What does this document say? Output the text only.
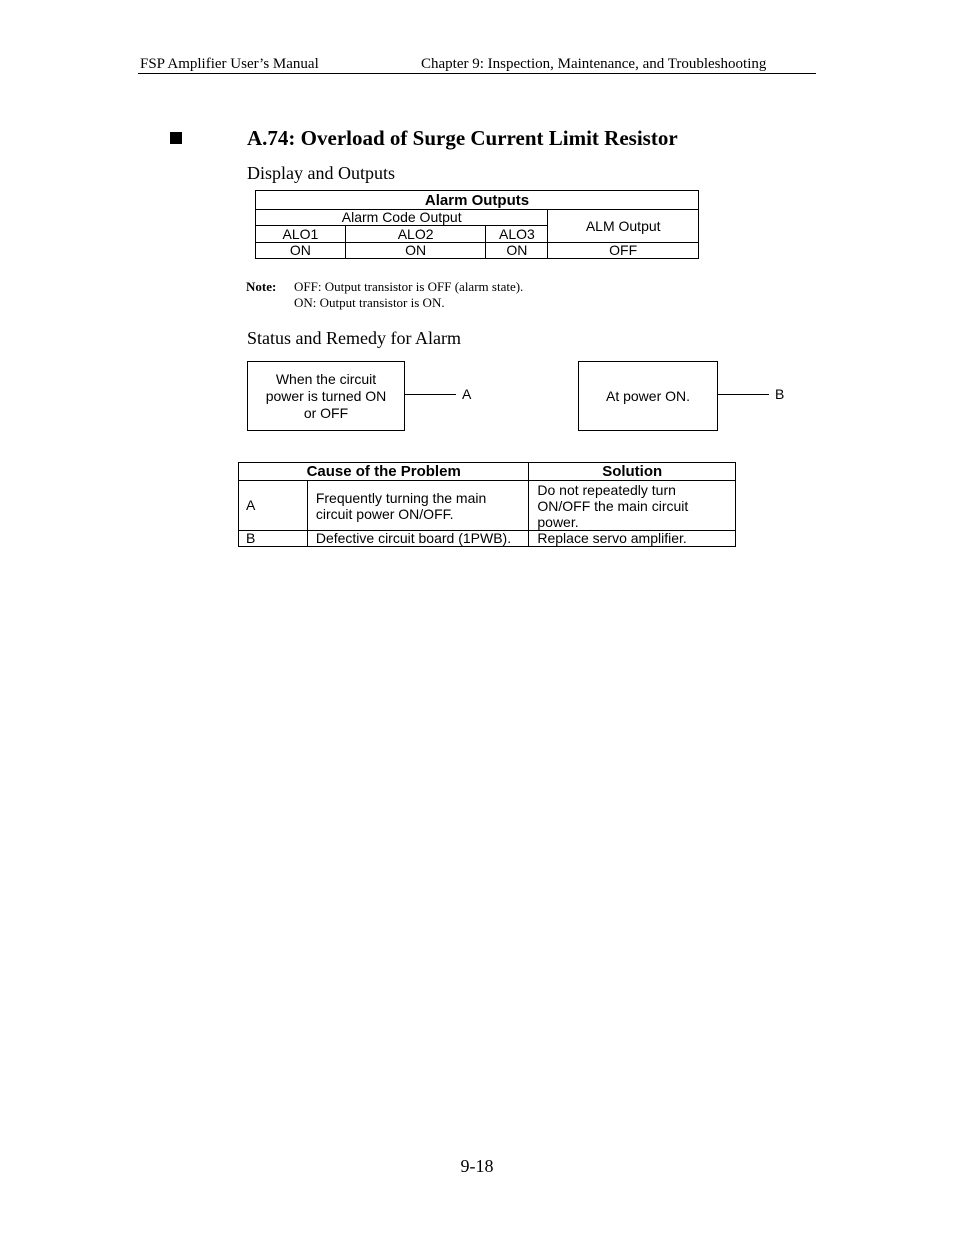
FSP Amplifier User’s Manual	Chapter 9: Inspection, Maintenance, and Troubleshooting
A.74: Overload of Surge Current Limit Resistor
Display and Outputs
Alarm Outputs			
Alarm Code Output			ALM Output
ALO1	ALO2	ALO3	
ON	ON	ON	OFF
Note: OFF: Output transistor is OFF (alarm state).
ON: Output transistor is ON.
Status and Remedy for Alarm
When the circuit power is turned ON or OFF
A	At power ON.	B
Cause of the Problem		Solution
A	Frequently turning the main circuit power ON/OFF.	Do not repeatedly turn ON/OFF the main circuit power.
B	Defective circuit board (1PWB).	Replace servo amplifier.
9-18
